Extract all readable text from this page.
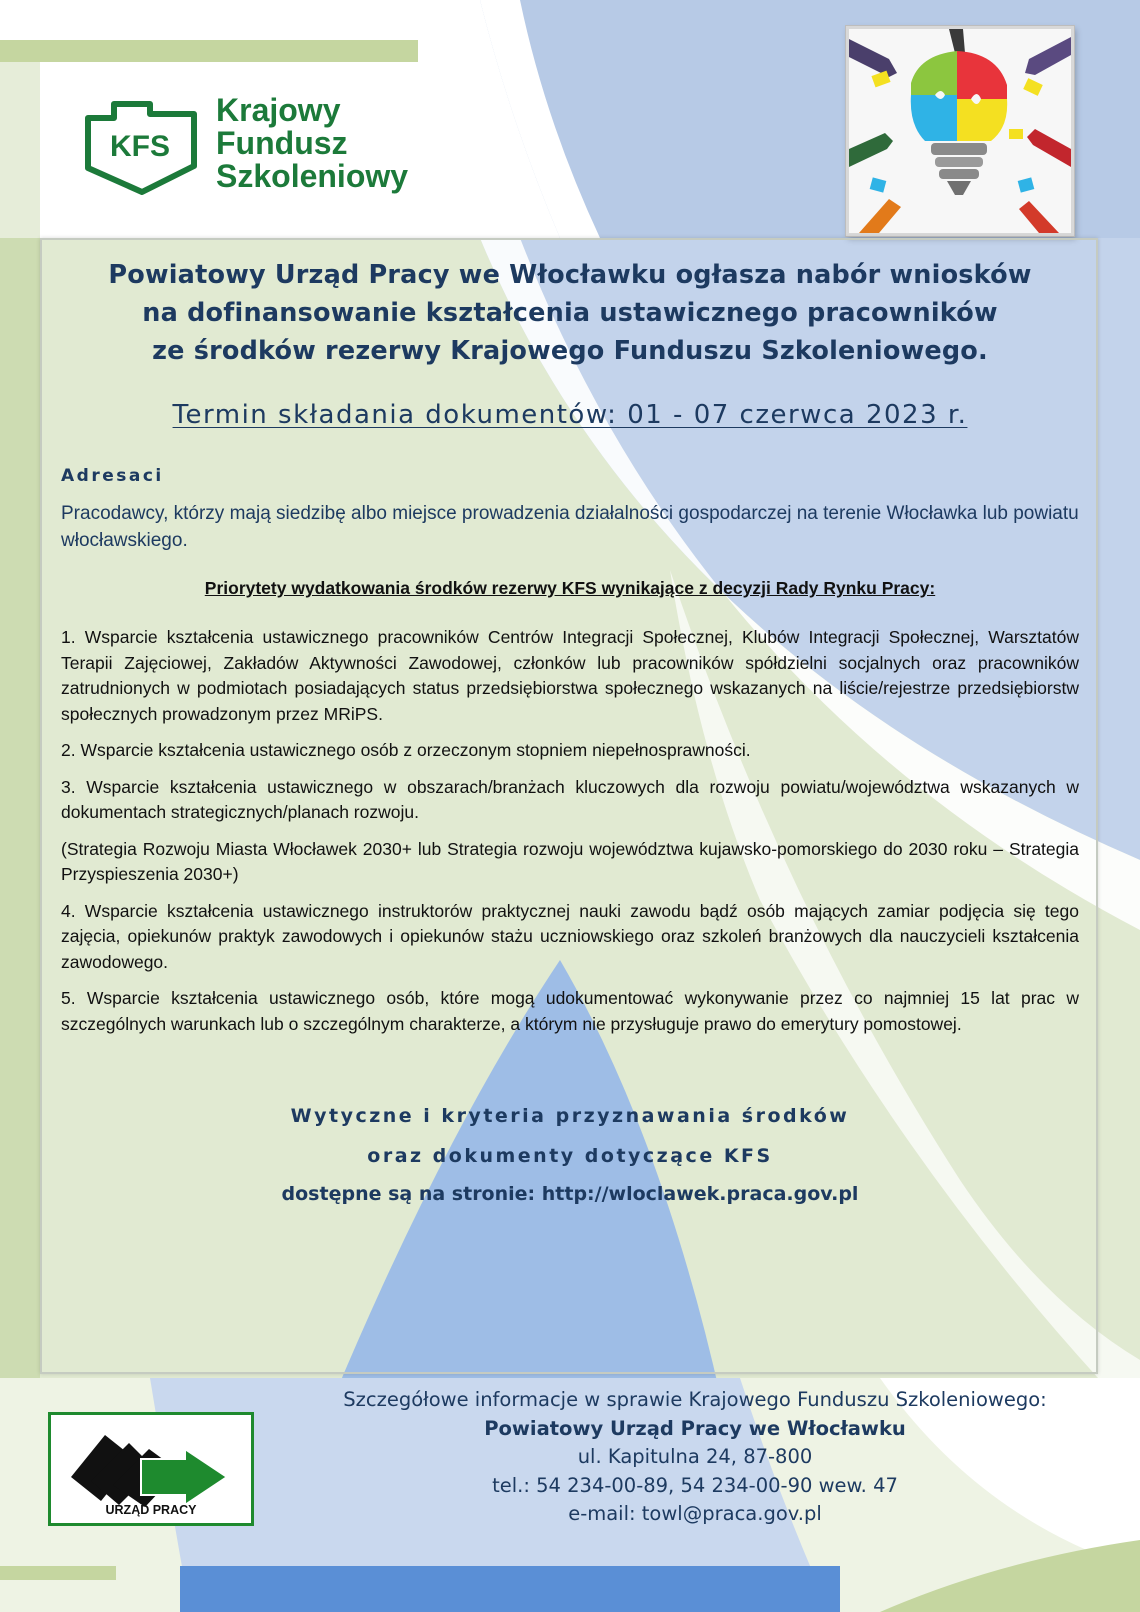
KFS
Krajowy
Fundusz
Szkoleniowy
Powiatowy Urząd Pracy we Włocławku ogłasza nabór wniosków
na dofinansowanie kształcenia ustawicznego pracowników
ze środków rezerwy Krajowego Funduszu Szkoleniowego.
Termin składania dokumentów: 01 - 07 czerwca 2023 r.
Adresaci
Pracodawcy, którzy mają siedzibę albo miejsce prowadzenia działalności gospodarczej na terenie Włocławka lub powiatu włocławskiego.
Priorytety wydatkowania środków rezerwy KFS wynikające z decyzji Rady Rynku Pracy:
1. Wsparcie kształcenia ustawicznego pracowników Centrów Integracji Społecznej, Klubów Integracji Społecznej, Warsztatów Terapii Zajęciowej, Zakładów Aktywności Zawodowej, członków lub pracowników spółdzielni socjalnych oraz pracowników zatrudnionych w podmiotach posiadających status przedsiębiorstwa społecznego wskazanych na liście/rejestrze przedsiębiorstw społecznych prowadzonym przez MRiPS.
2. Wsparcie kształcenia ustawicznego osób z orzeczonym stopniem niepełnosprawności.
3. Wsparcie kształcenia ustawicznego w obszarach/branżach kluczowych dla rozwoju powiatu/województwa wskazanych w dokumentach strategicznych/planach rozwoju.
(Strategia Rozwoju Miasta Włocławek 2030+ lub Strategia rozwoju województwa kujawsko-pomorskiego do 2030 roku – Strategia Przyspieszenia 2030+)
4. Wsparcie kształcenia ustawicznego instruktorów praktycznej nauki zawodu bądź osób mających zamiar podjęcia się tego zajęcia, opiekunów praktyk zawodowych i opiekunów stażu uczniowskiego oraz szkoleń branżowych dla nauczycieli kształcenia zawodowego.
5. Wsparcie kształcenia ustawicznego osób, które mogą udokumentować wykonywanie przez co najmniej 15 lat prac w szczególnych warunkach lub o szczególnym charakterze, a którym nie przysługuje prawo do emerytury pomostowej.
Wytyczne i kryteria przyznawania środków
oraz dokumenty dotyczące KFS
dostępne są na stronie: http://wloclawek.praca.gov.pl
URZĄD PRACY
Szczegółowe informacje w sprawie Krajowego Funduszu Szkoleniowego:
Powiatowy Urząd Pracy we Włocławku
ul. Kapitulna 24, 87-800
tel.: 54 234-00-89, 54 234-00-90 wew. 47
e-mail: towl@praca.gov.pl
